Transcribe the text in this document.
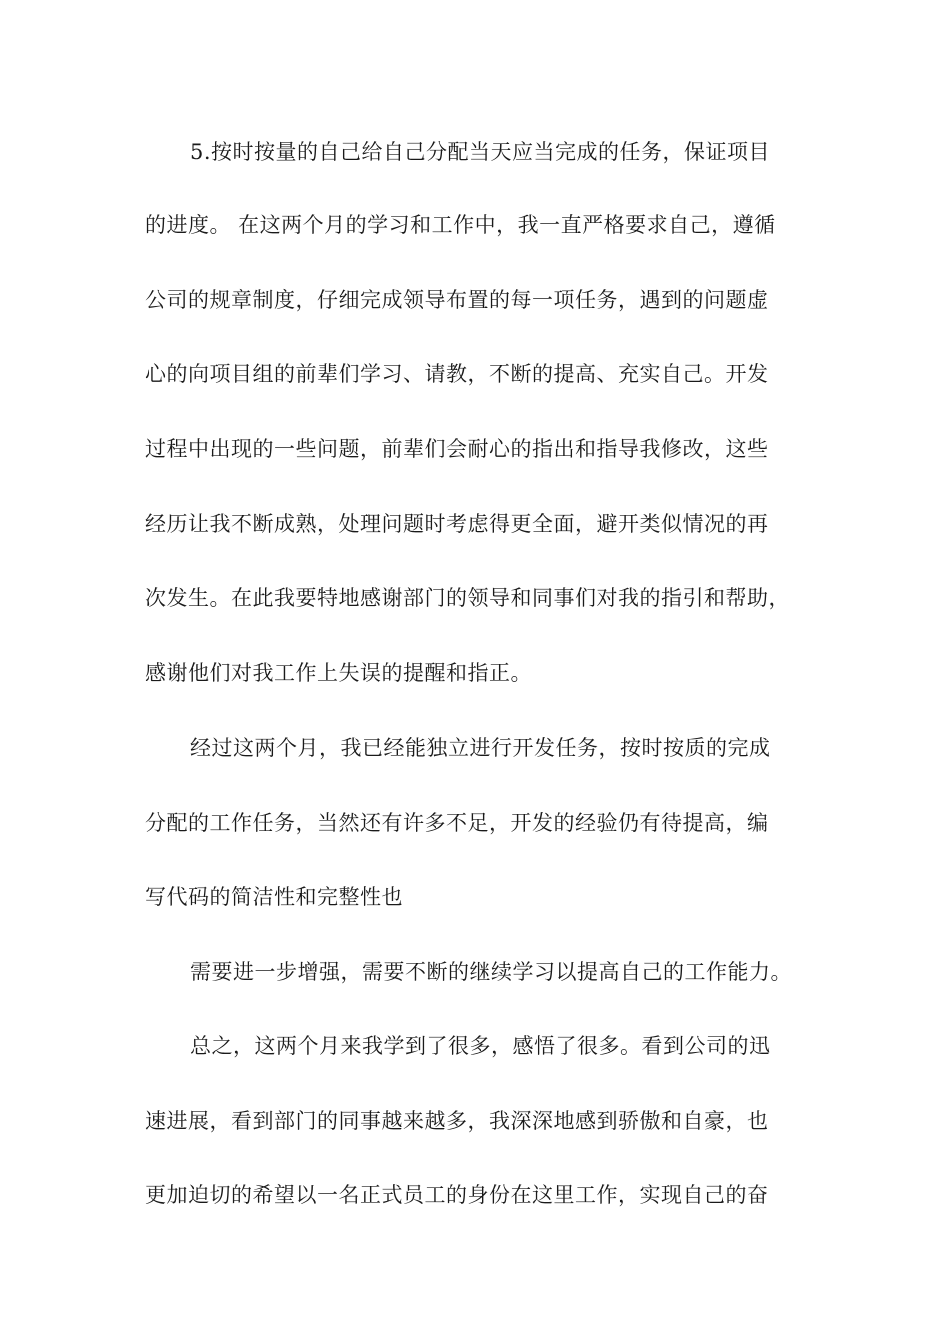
5.按时按量的自己给自己分配当天应当完成的任务，保证项目
的进度。 在这两个月的学习和工作中，我一直严格要求自己，遵循
公司的规章制度，仔细完成领导布置的每一项任务，遇到的问题虚
心的向项目组的前辈们学习、请教，不断的提高、充实自己。开发
过程中出现的一些问题，前辈们会耐心的指出和指导我修改，这些
经历让我不断成熟，处理问题时考虑得更全面，避开类似情况的再
次发生。在此我要特地感谢部门的领导和同事们对我的指引和帮助，
感谢他们对我工作上失误的提醒和指正。
经过这两个月，我已经能独立进行开发任务，按时按质的完成
分配的工作任务，当然还有许多不足，开发的经验仍有待提高，编
写代码的简洁性和完整性也
需要进一步增强，需要不断的继续学习以提高自己的工作能力。
总之，这两个月来我学到了很多，感悟了很多。看到公司的迅
速进展，看到部门的同事越来越多，我深深地感到骄傲和自豪，也
更加迫切的希望以一名正式员工的身份在这里工作，实现自己的奋
